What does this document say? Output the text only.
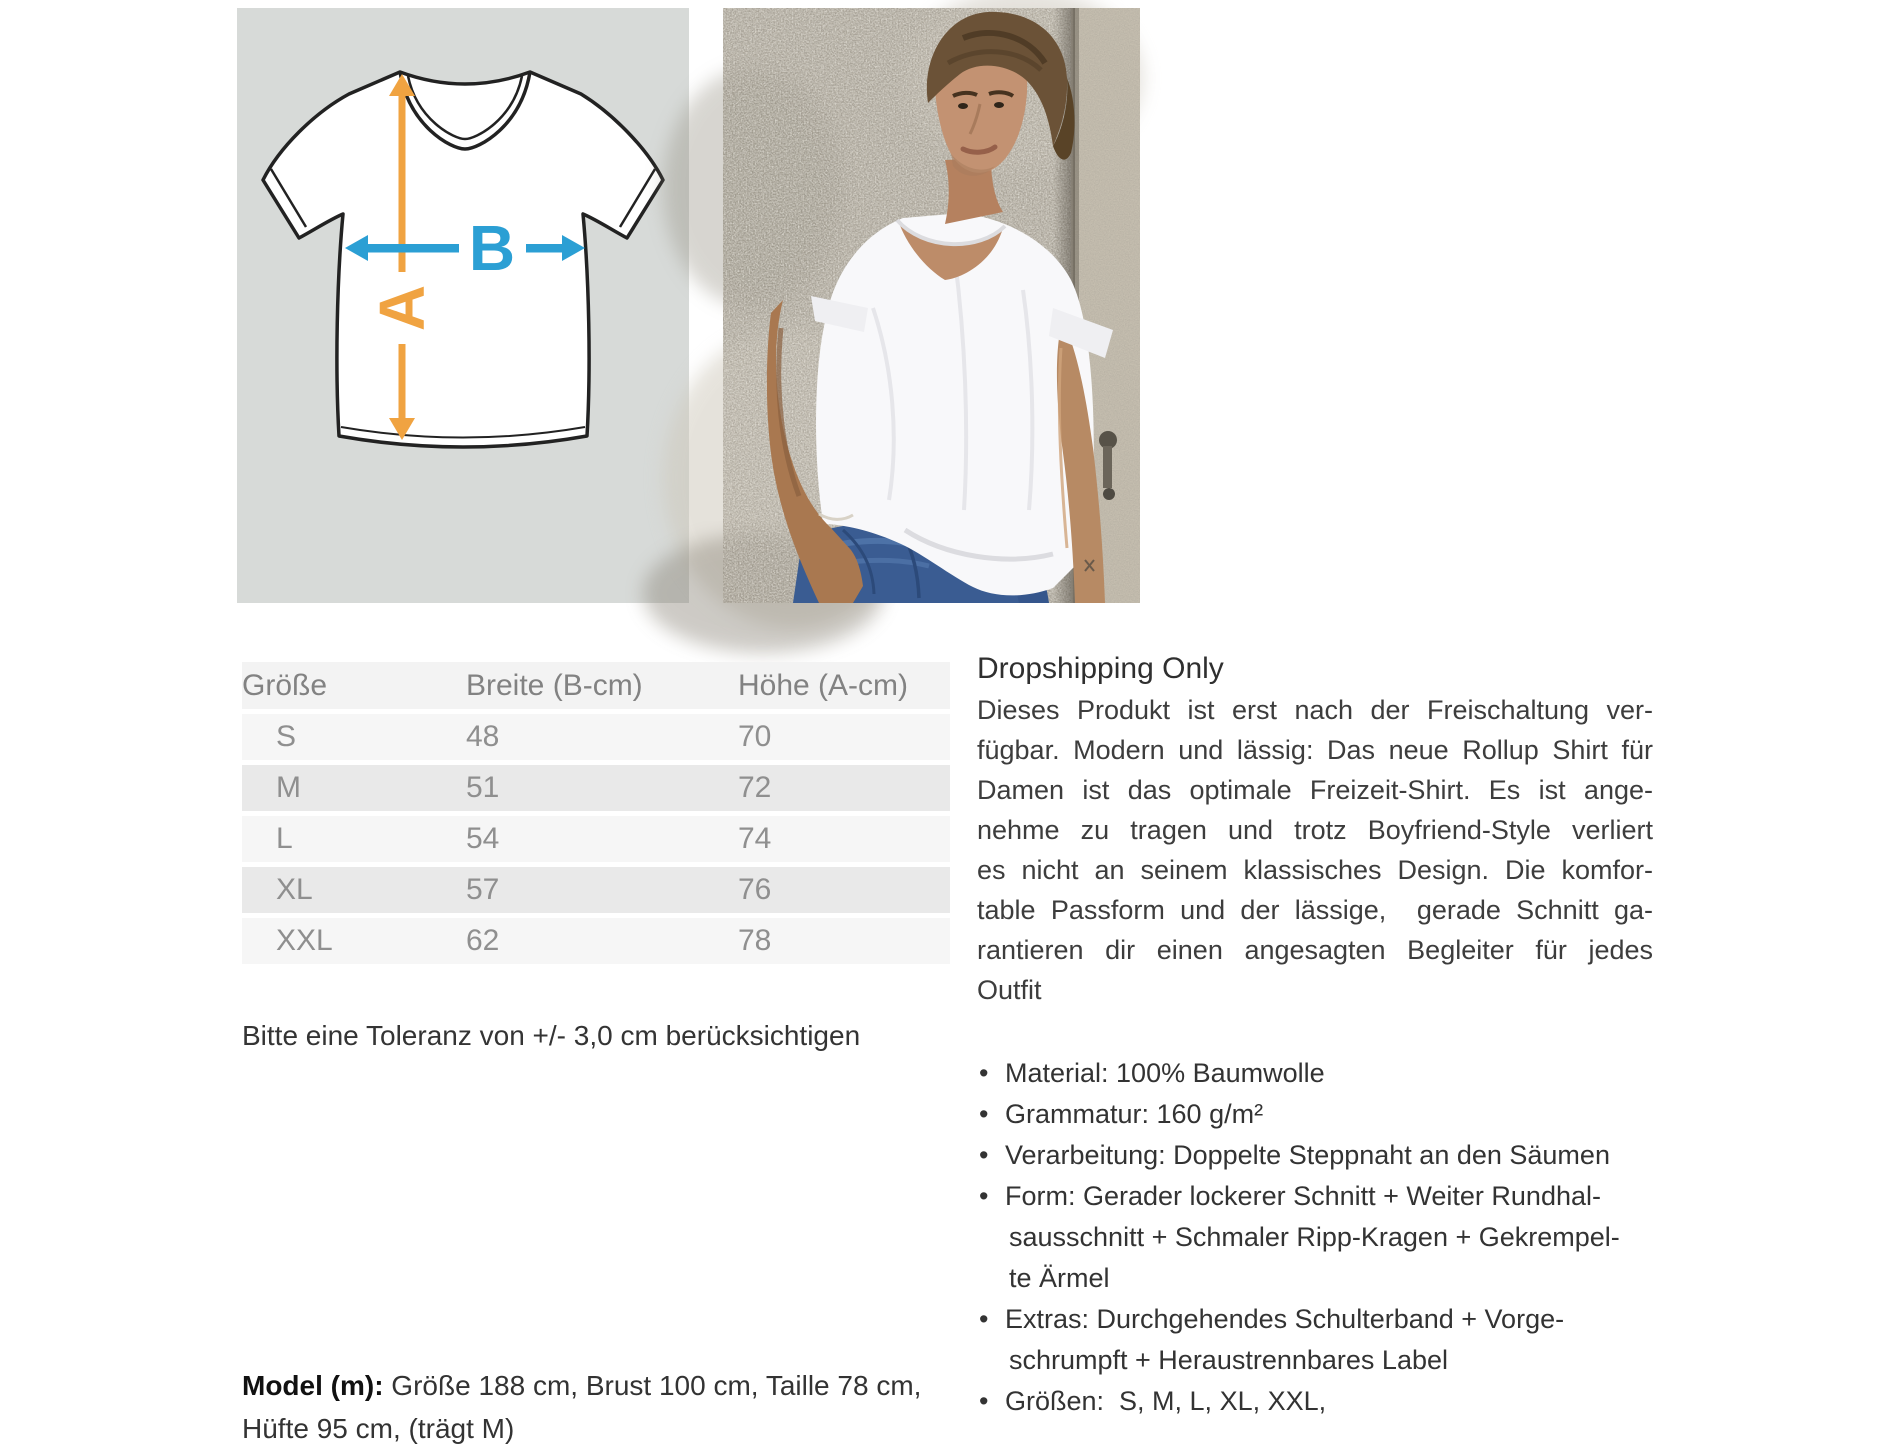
A
B
Größe	Breite (B-cm)	Höhe (A-cm)
S	48	70
M	51	72
L	54	74
XL	57	76
XXL	62	78

Bitte eine Toleranz von +/- 3,0 cm berücksichtigen

Model (m): Größe 188 cm, Brust 100 cm, Taille 78 cm,
Hüfte 95 cm, (trägt M)

Dropshipping Only
Dieses Produkt ist erst nach der Freischaltung ver-
fügbar. Modern und lässig: Das neue Rollup Shirt für
Damen ist das optimale Freizeit-Shirt. Es ist ange-
nehme zu tragen und trotz Boyfriend-Style verliert
es nicht an seinem klassisches Design. Die komfor-
table Passform und der lässige,  gerade Schnitt ga-
rantieren dir einen angesagten Begleiter für jedes
Outfit
• Material: 100% Baumwolle
• Grammatur: 160 g/m²
• Verarbeitung: Doppelte Steppnaht an den Säumen
• Form: Gerader lockerer Schnitt + Weiter Rundhal-
sausschnitt + Schmaler Ripp-Kragen + Gekrempel-
te Ärmel
• Extras: Durchgehendes Schulterband + Vorge-
schrumpft + Heraustrennbares Label
• Größen:  S, M, L, XL, XXL,
